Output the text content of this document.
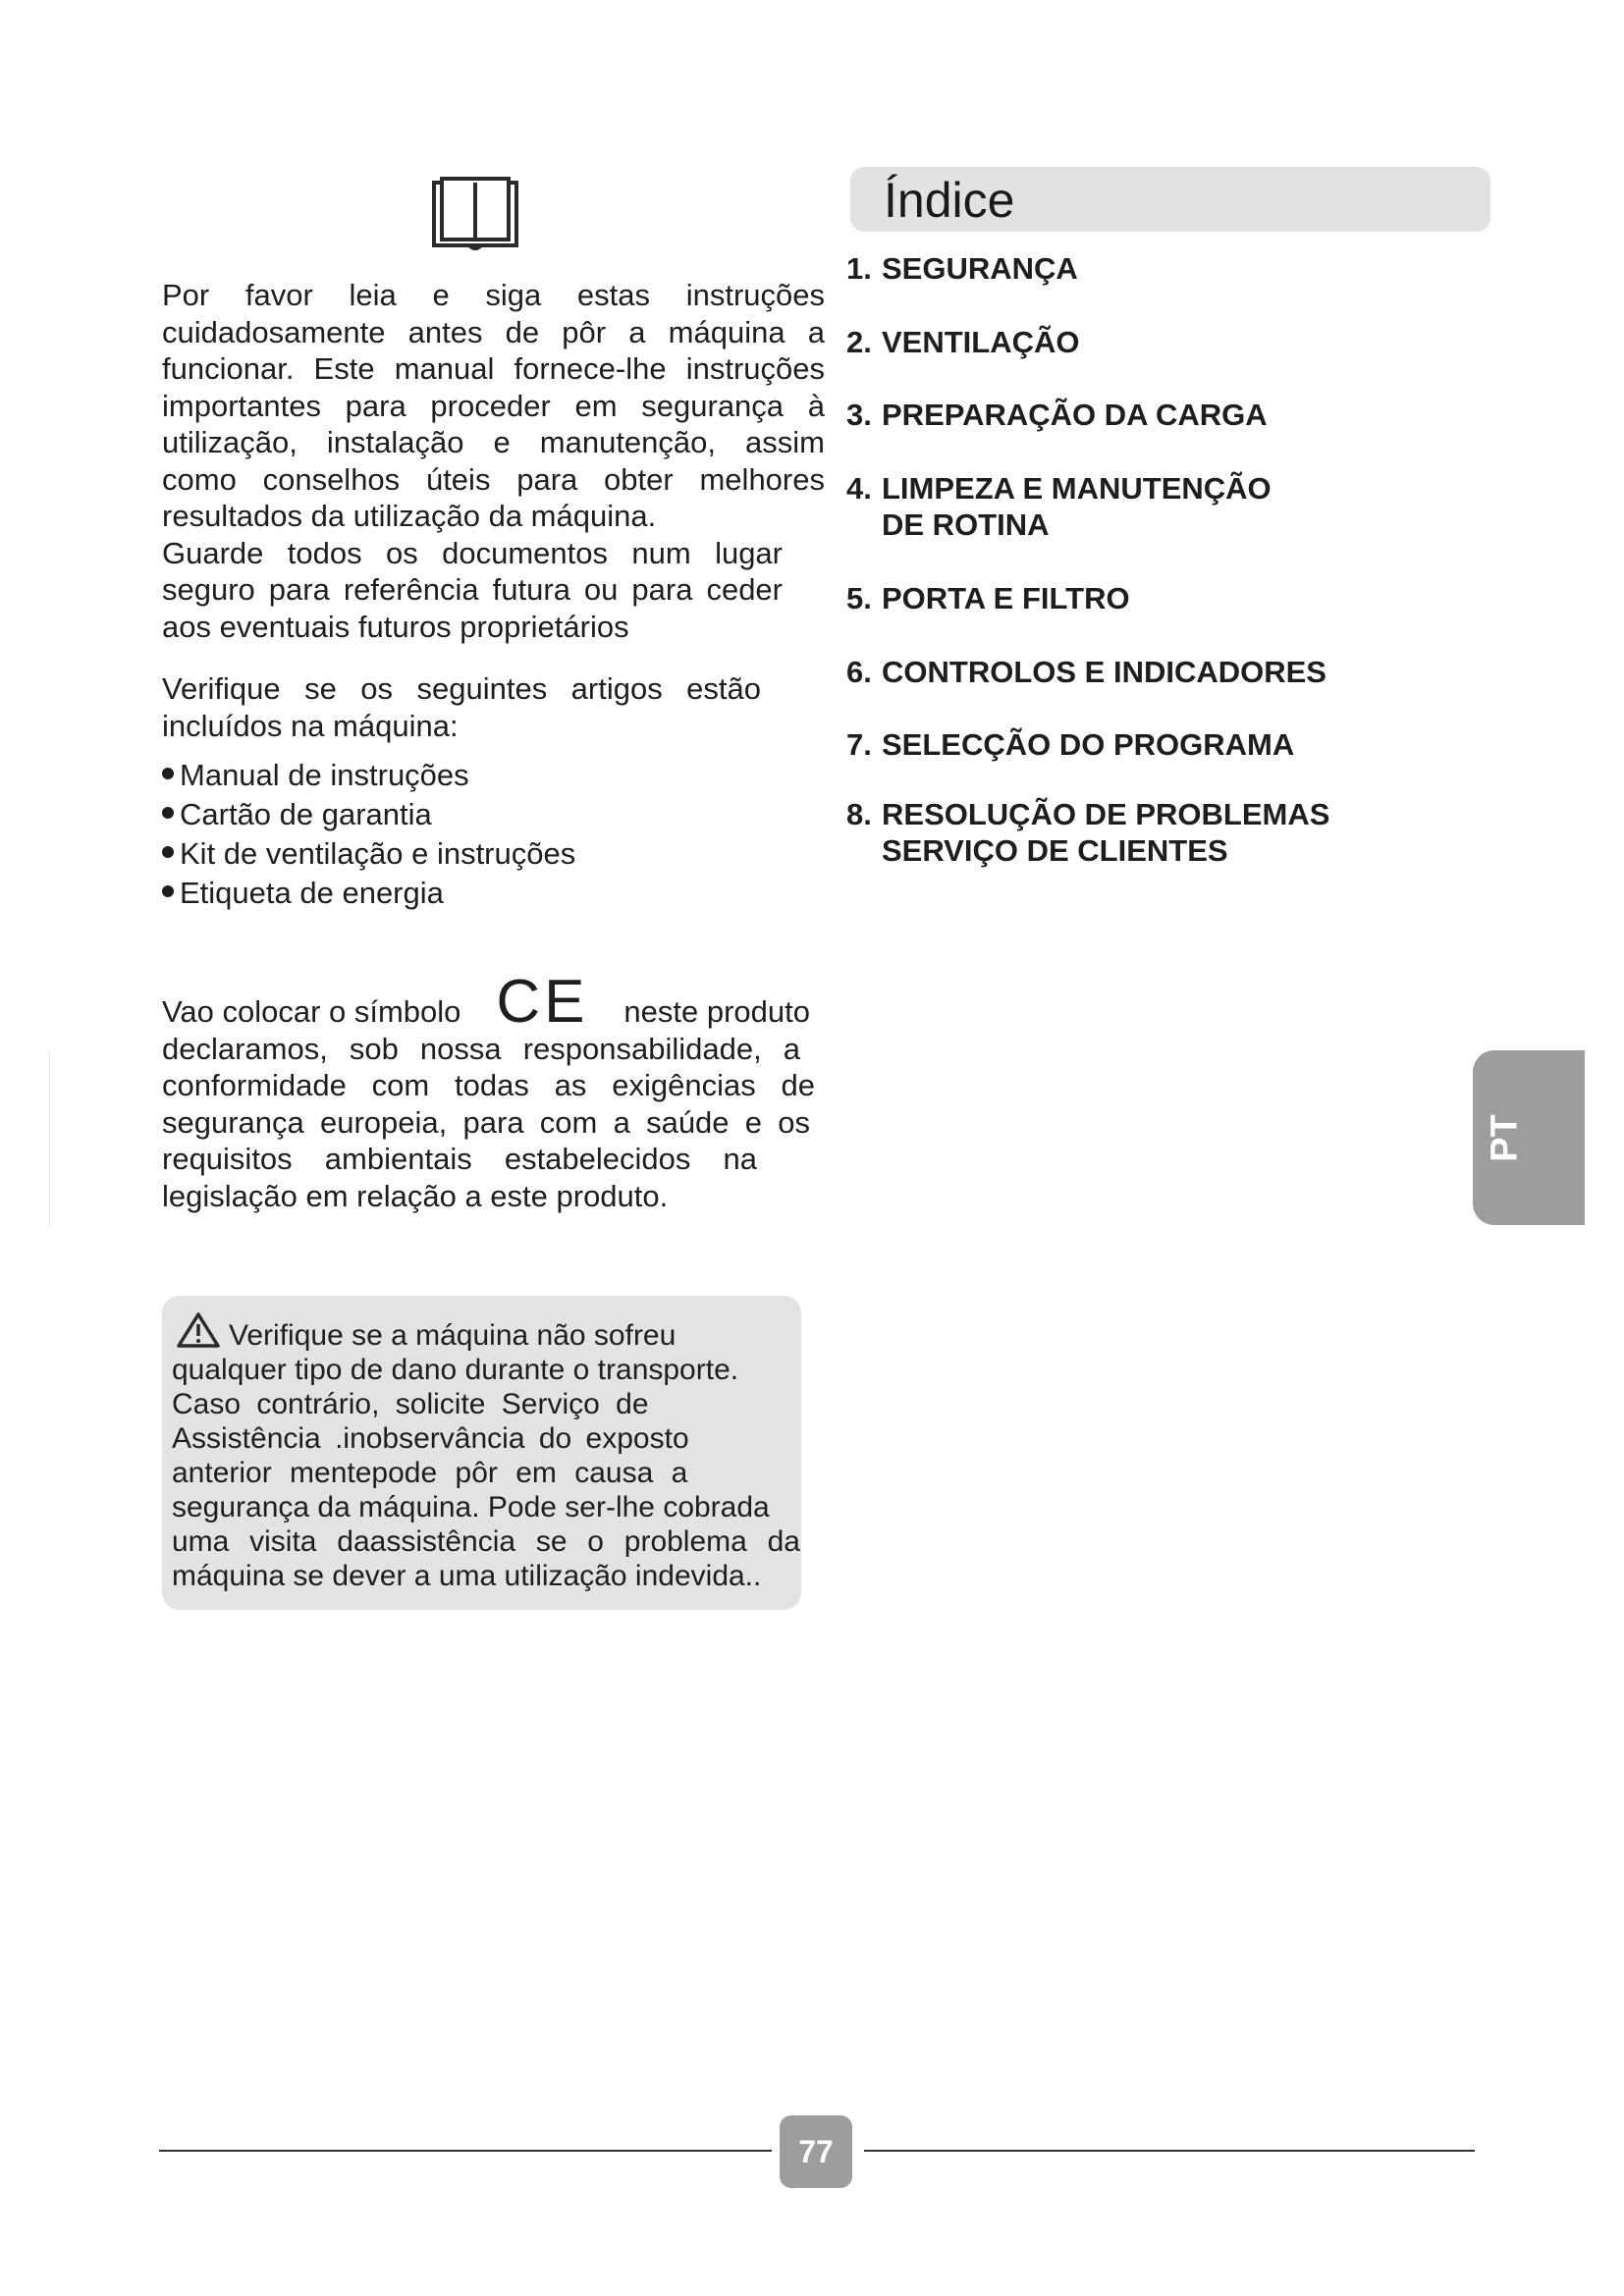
Por favor leia e siga estas instruções
cuidadosamente antes de pôr a máquina a
funcionar. Este manual fornece-lhe instruções
importantes para proceder em segurança à
utilização, instalação e manutenção, assim
como conselhos úteis para obter melhores
resultados da utilização da máquina.
Guarde todos os documentos num lugar
seguro para referência futura ou para ceder
aos eventuais futuros proprietários
Verifique se os seguintes artigos estão
incluídos na máquina:
Manual de instruções
Cartão de garantia
Kit de ventilação e instruções
Etiqueta de energia
Vao colocar o símbolo CE neste produto
declaramos, sob nossa responsabilidade, a
conformidade com todas as exigências de
segurança europeia, para com a saúde e os
requisitos ambientais estabelecidos na
legislação em relação a este produto.
Verifique se a máquina não sofreu
qualquer tipo de dano durante o transporte.
Caso contrário, solicite Serviço de
Assistência .inobservância do exposto
anterior mentepode pôr em causa a
segurança da máquina. Pode ser-lhe cobrada
uma visita daassistência se o problema da
máquina se dever a uma utilização indevida..
Índice
1. SEGURANÇA
2. VENTILAÇÃO
3. PREPARAÇÃO DA CARGA
4. LIMPEZA E MANUTENÇÃO
DE ROTINA
5. PORTA E FILTRO
6. CONTROLOS E INDICADORES
7. SELECÇÃO DO PROGRAMA
8. RESOLUÇÃO DE PROBLEMAS
SERVIÇO DE CLIENTES
PT
77
